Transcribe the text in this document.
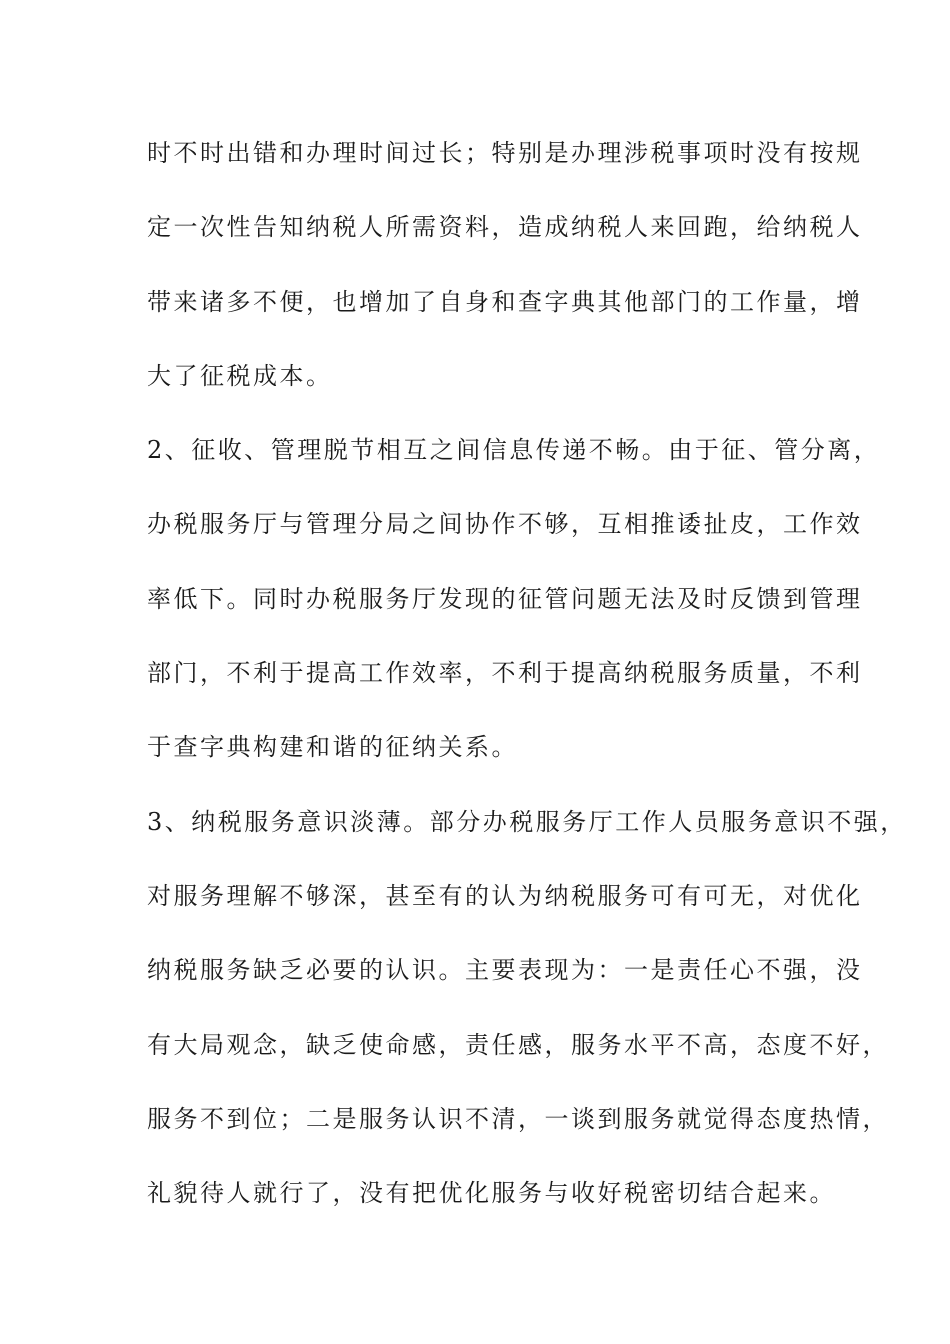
时不时出错和办理时间过长；特别是办理涉税事项时没有按规
定一次性告知纳税人所需资料，造成纳税人来回跑，给纳税人
带来诸多不便，也增加了自身和查字典其他部门的工作量，增
大了征税成本。
2、征收、管理脱节相互之间信息传递不畅。由于征、管分离，
办税服务厅与管理分局之间协作不够，互相推诿扯皮，工作效
率低下。同时办税服务厅发现的征管问题无法及时反馈到管理
部门，不利于提高工作效率，不利于提高纳税服务质量，不利
于查字典构建和谐的征纳关系。
3、纳税服务意识淡薄。部分办税服务厅工作人员服务意识不强，
对服务理解不够深，甚至有的认为纳税服务可有可无，对优化
纳税服务缺乏必要的认识。主要表现为：一是责任心不强，没
有大局观念，缺乏使命感，责任感，服务水平不高，态度不好，
服务不到位；二是服务认识不清，一谈到服务就觉得态度热情，
礼貌待人就行了，没有把优化服务与收好税密切结合起来。
